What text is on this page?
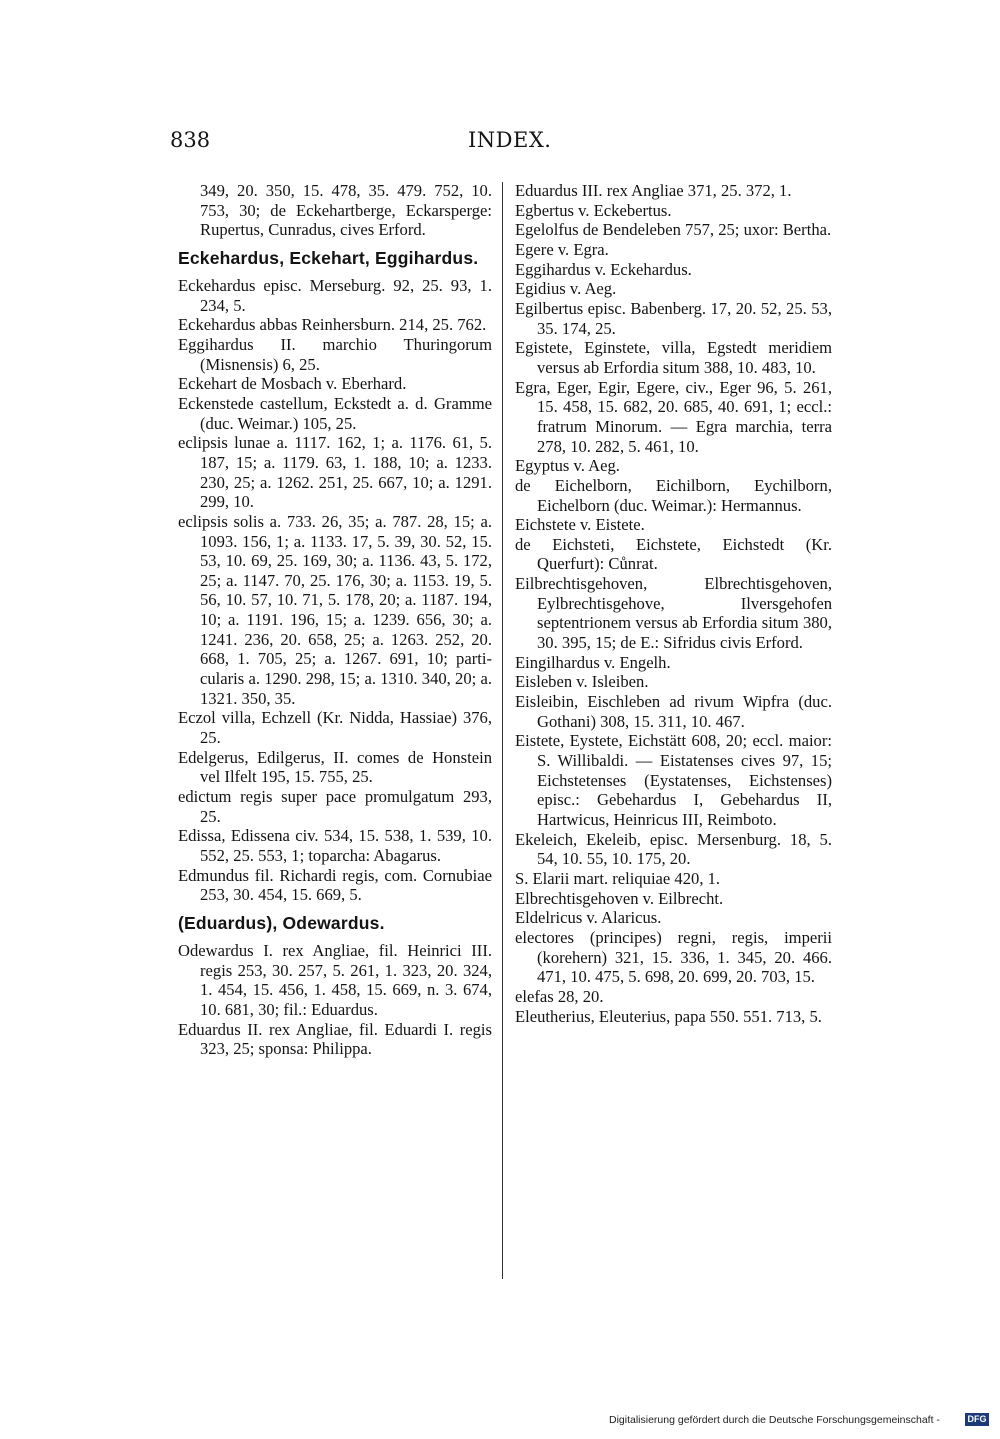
838	INDEX.
349, 20. 350, 15. 478, 35. 479. 752, 10. 753, 30; de Eckehartberge, Eckarsperge: Rupertus, Cunradus, cives Erford.
Eckehardus, Eckehart, Eggihardus.
Eckehardus episc. Merseburg. 92, 25. 93, 1. 234, 5.
Eckehardus abbas Reinhersburn. 214, 25. 762.
Eggihardus II. marchio Thuringorum (Misnensis) 6, 25.
Eckehart de Mosbach v. Eberhard.
Eckenstede castellum, Eckstedt a. d. Gramme (duc. Weimar.) 105, 25.
eclipsis lunae a. 1117. 162, 1; a. 1176. 61, 5. 187, 15; a. 1179. 63, 1. 188, 10; a. 1233. 230, 25; a. 1262. 251, 25. 667, 10; a. 1291. 299, 10.
eclipsis solis a. 733. 26, 35; a. 787. 28, 15; a. 1093. 156, 1; a. 1133. 17, 5. 39, 30. 52, 15. 53, 10. 69, 25. 169, 30; a. 1136. 43, 5. 172, 25; a. 1147. 70, 25. 176, 30; a. 1153. 19, 5. 56, 10. 57, 10. 71, 5. 178, 20; a. 1187. 194, 10; a. 1191. 196, 15; a. 1239. 656, 30; a. 1241. 236, 20. 658, 25; a. 1263. 252, 20. 668, 1. 705, 25; a. 1267. 691, 10; particularis a. 1290. 298, 15; a. 1310. 340, 20; a. 1321. 350, 35.
Eczol villa, Echzell (Kr. Nidda, Hassiae) 376, 25.
Edelgerus, Edilgerus, II. comes de Honstein vel Ilfelt 195, 15. 755, 25.
edictum regis super pace promulgatum 293, 25.
Edissa, Edissena civ. 534, 15. 538, 1. 539, 10. 552, 25. 553, 1; toparcha: Abagarus.
Edmundus fil. Richardi regis, com. Cornubiae 253, 30. 454, 15. 669, 5.
(Eduardus), Odewardus.
Odewardus I. rex Angliae, fil. Heinrici III. regis 253, 30. 257, 5. 261, 1. 323, 20. 324, 1. 454, 15. 456, 1. 458, 15. 669, n. 3. 674, 10. 681, 30; fil.: Eduardus.
Eduardus II. rex Angliae, fil. Eduardi I. regis 323, 25; sponsa: Philippa.
Eduardus III. rex Angliae 371, 25. 372, 1.
Egbertus v. Eckebertus.
Egelolfus de Bendeleben 757, 25; uxor: Bertha.
Egere v. Egra.
Eggihardus v. Eckehardus.
Egidius v. Aeg.
Egilbertus episc. Babenberg. 17, 20. 52, 25. 53, 35. 174, 25.
Egistete, Eginstete, villa, Egstedt meridiem versus ab Erfordia situm 388, 10. 483, 10.
Egra, Eger, Egir, Egere, civ., Eger 96, 5. 261, 15. 458, 15. 682, 20. 685, 40. 691, 1; eccl.: fratrum Minorum. — Egra marchia, terra 278, 10. 282, 5. 461, 10.
Egyptus v. Aeg.
de Eichelborn, Eichilborn, Eychilborn, Eichelborn (duc. Weimar.): Hermannus.
Eichstete v. Eistete.
de Eichsteti, Eichstete, Eichstedt (Kr. Querfurt): Cůnrat.
Eilbrechtisgehoven, Elbrechtisgehoven, Eylbrechtisgehove, Ilversgehofen septentrionem versus ab Erfordia situm 380, 30. 395, 15; de E.: Sifridus civis Erford.
Eingilhardus v. Engelh.
Eisleben v. Isleiben.
Eisleibin, Eischleben ad rivum Wipfra (duc. Gothani) 308, 15. 311, 10. 467.
Eistete, Eystete, Eichstätt 608, 20; eccl. maior: S. Willibaldi. — Eistatenses cives 97, 15; Eichstetenses (Eystatenses, Eichstenses) episc.: Gebehardus I, Gebehardus II, Hartwicus, Heinricus III, Reimboto.
Ekeleich, Ekeleib, episc. Mersenburg. 18, 5. 54, 10. 55, 10. 175, 20.
S. Elarii mart. reliquiae 420, 1.
Elbrechtisgehoven v. Eilbrecht.
Eldelricus v. Alaricus.
electores (principes) regni, regis, imperii (korehern) 321, 15. 336, 1. 345, 20. 466. 471, 10. 475, 5. 698, 20. 699, 20. 703, 15.
elefas 28, 20.
Eleutherius, Eleuterius, papa 550. 551. 713, 5.
Digitalisierung gefördert durch die Deutsche Forschungsgemeinschaft -	DFG
